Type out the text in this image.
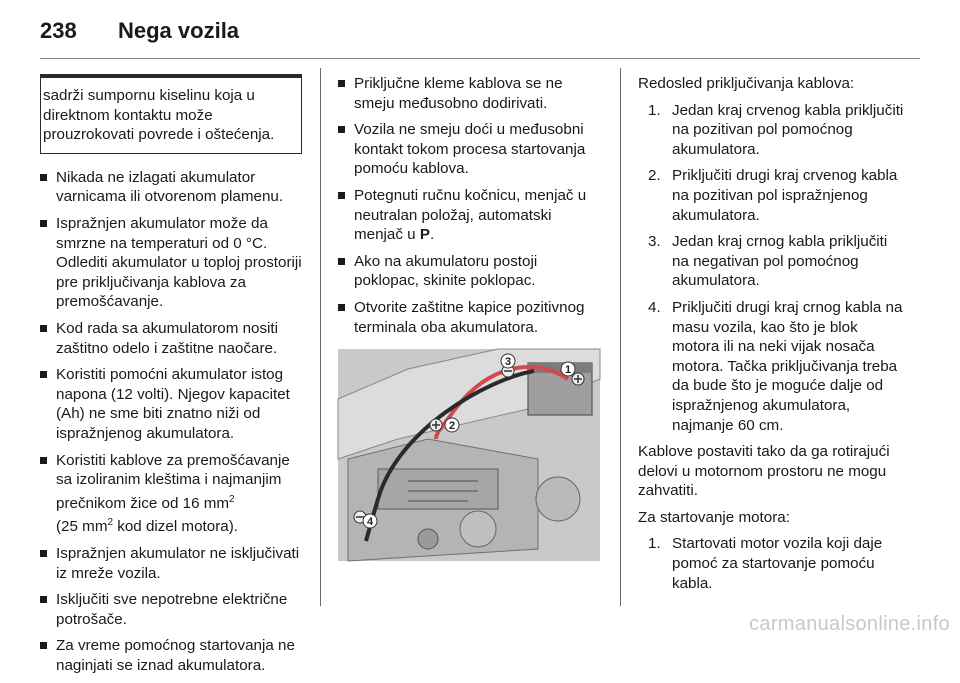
238 Nega vozila
sadrži sumpornu kiselinu koja u direktnom kontaktu može prouzrokovati povrede i oštećenja.
Nikada ne izlagati akumulator varnicama ili otvorenom plamenu.
Ispražnjen akumulator može da smrzne na temperaturi od 0 °C. Odlediti akumulator u toploj prostoriji pre priključivanja kablova za premošćavanje.
Kod rada sa akumulatorom nositi zaštitno odelo i zaštitne naočare.
Koristiti pomoćni akumulator istog napona (12 volti). Njegov kapacitet (Ah) ne sme biti znatno niži od ispražnjenog akumulatora.
Koristiti kablove za premošćavanje sa izoliranim kleštima i najmanjim prečnikom žice od 16 $mm^2$
(25 $mm^2$ kod dizel motora).
Ispražnjen akumulator ne isključivati iz mreže vozila.
Isključiti sve nepotrebne električne potrošače.
Za vreme pomoćnog startovanja ne naginjati se iznad akumulatora.
Priključne kleme kablova se ne smeju međusobno dodirivati.
Vozila ne smeju doći u međusobni kontakt tokom procesa startovanja pomoću kablova.
Potegnuti ručnu kočnicu, menjač u neutralan položaj, automatski menjač u P.
Ako na akumulatoru postoji poklopac, skinite poklopac.
Otvorite zaštitne kapice pozitivnog terminala oba akumulatora.
1
2
3
4

Redosled priključivanja kablova:

1. Jedan kraj crvenog kabla priključiti na pozitivan pol pomoćnog akumulatora.
2. Priključiti drugi kraj crvenog kabla na pozitivan pol ispražnjenog akumulatora.
3. Jedan kraj crnog kabla priključiti na negativan pol pomoćnog akumulatora.
4. Priključiti drugi kraj crnog kabla na masu vozila, kao što je blok motora ili na neki vijak nosača motora. Tačka priključivanja treba da bude što je moguće dalje od ispražnjenog akumulatora, najmanje 60 cm.

Kablove postaviti tako da ga rotirajući delovi u motornom prostoru ne mogu zahvatiti.

Za startovanje motora:

1. Startovati motor vozila koji daje pomoć za startovanje pomoću kabla.
carmanualsonline.info
